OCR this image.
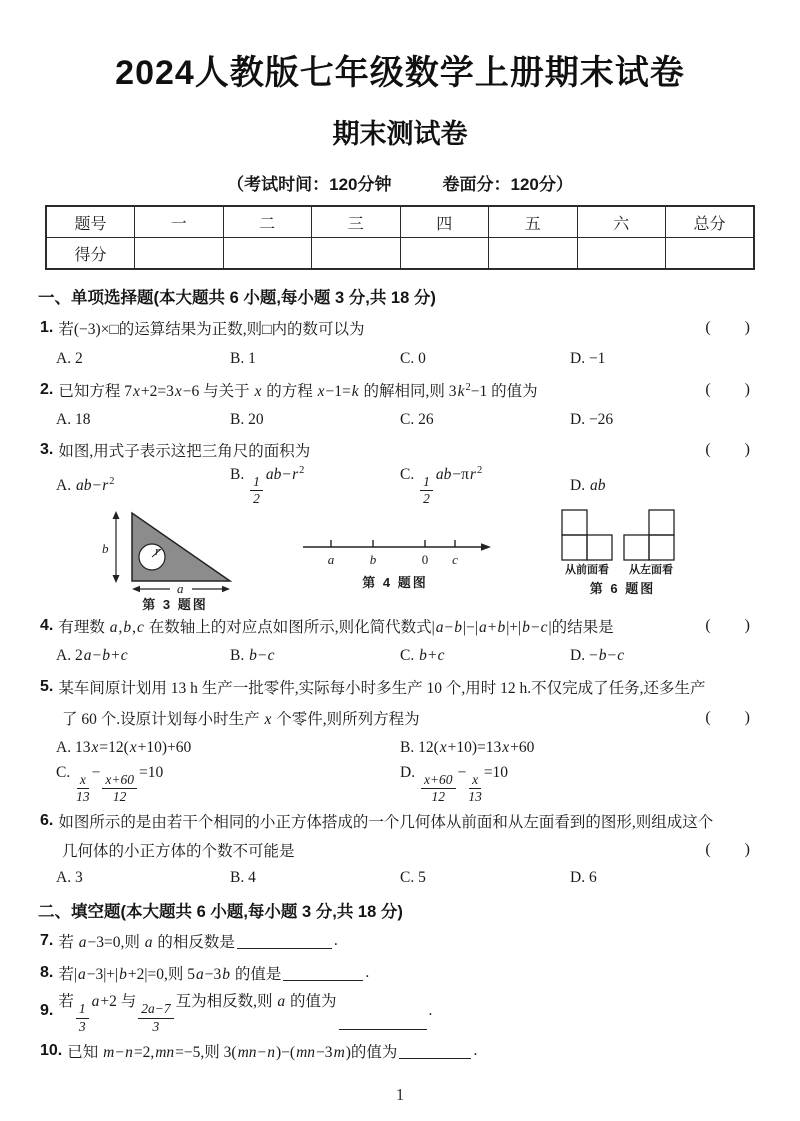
2024人教版七年级数学上册期末试卷
期末测试卷
（考试时间：120分钟　　　卷面分：120分）
题号	一	二	三	四	五	六	总分
得分							
一、单项选择题(本大题共 6 小题,每小题 3 分,共 18 分)
1. 若(−3)×□的运算结果为正数,则□内的数可以为	( )
A. 2	B. 1	C. 0	D. −1
2. 已知方程 7x+2=3x−6 与关于 x 的方程 x−1=k 的解相同,则 $3k^2-1$ 的值为	( )
A. 18	B. 20	C. 26	D. −26
3. 如图,用式子表示这把三角尺的面积为	( )
A. $ab-r^2$	B.
$\frac{1}{2}$
$ab-r^2$	C.
$\frac{1}{2}$
$ab-\pi r^2$
D. ab
r
b
a
第 3 题图
a	b	0 c
第 4 题图
从前面看 从左面看
第 6 题图
4. 有理数 a,b,c 在数轴上的对应点如图所示,则化简代数式|a−b|−|a+b|+|b−c|的结果是	( )
A. 2a−b+c	B. b−c	C. b+c	D. −b−c
5. 某车间原计划用 13 h 生产一批零件,实际每小时多生产 10 个,用时 12 h.不仅完成了任务,还多生产
了 60 个.设原计划每小时生产 x 个零件,则所列方程为	( )
A. 13x=12(x+10)+60	B. 12(x+10)=13x+60
C.
$\frac{x}{13}$
−
$\frac{x+60}{12}$
=10	D.
$\frac{x+60}{12}$
−
$\frac{x}{13}$
=10
6. 如图所示的是由若干个相同的小正方体搭成的一个几何体从前面和从左面看到的图形,则组成这个
几何体的小正方体的个数不可能是	( )
A. 3	B. 4	C. 5	D. 6
二、填空题(本大题共 6 小题,每小题 3 分,共 18 分)
7. 若 a−3=0,则 a 的相反数是	.
8. 若|a−3|+|b+2|=0,则 5a−3b 的值是	.
9.
若
$\frac{1}{3}$
a+2 与
$\frac{2a-7}{3}$
互为相反数,则 a 的值为
.
10. 已知 m−n=2,mn=−5,则 3(mn−n)−(mn−3m)的值为	.
1
